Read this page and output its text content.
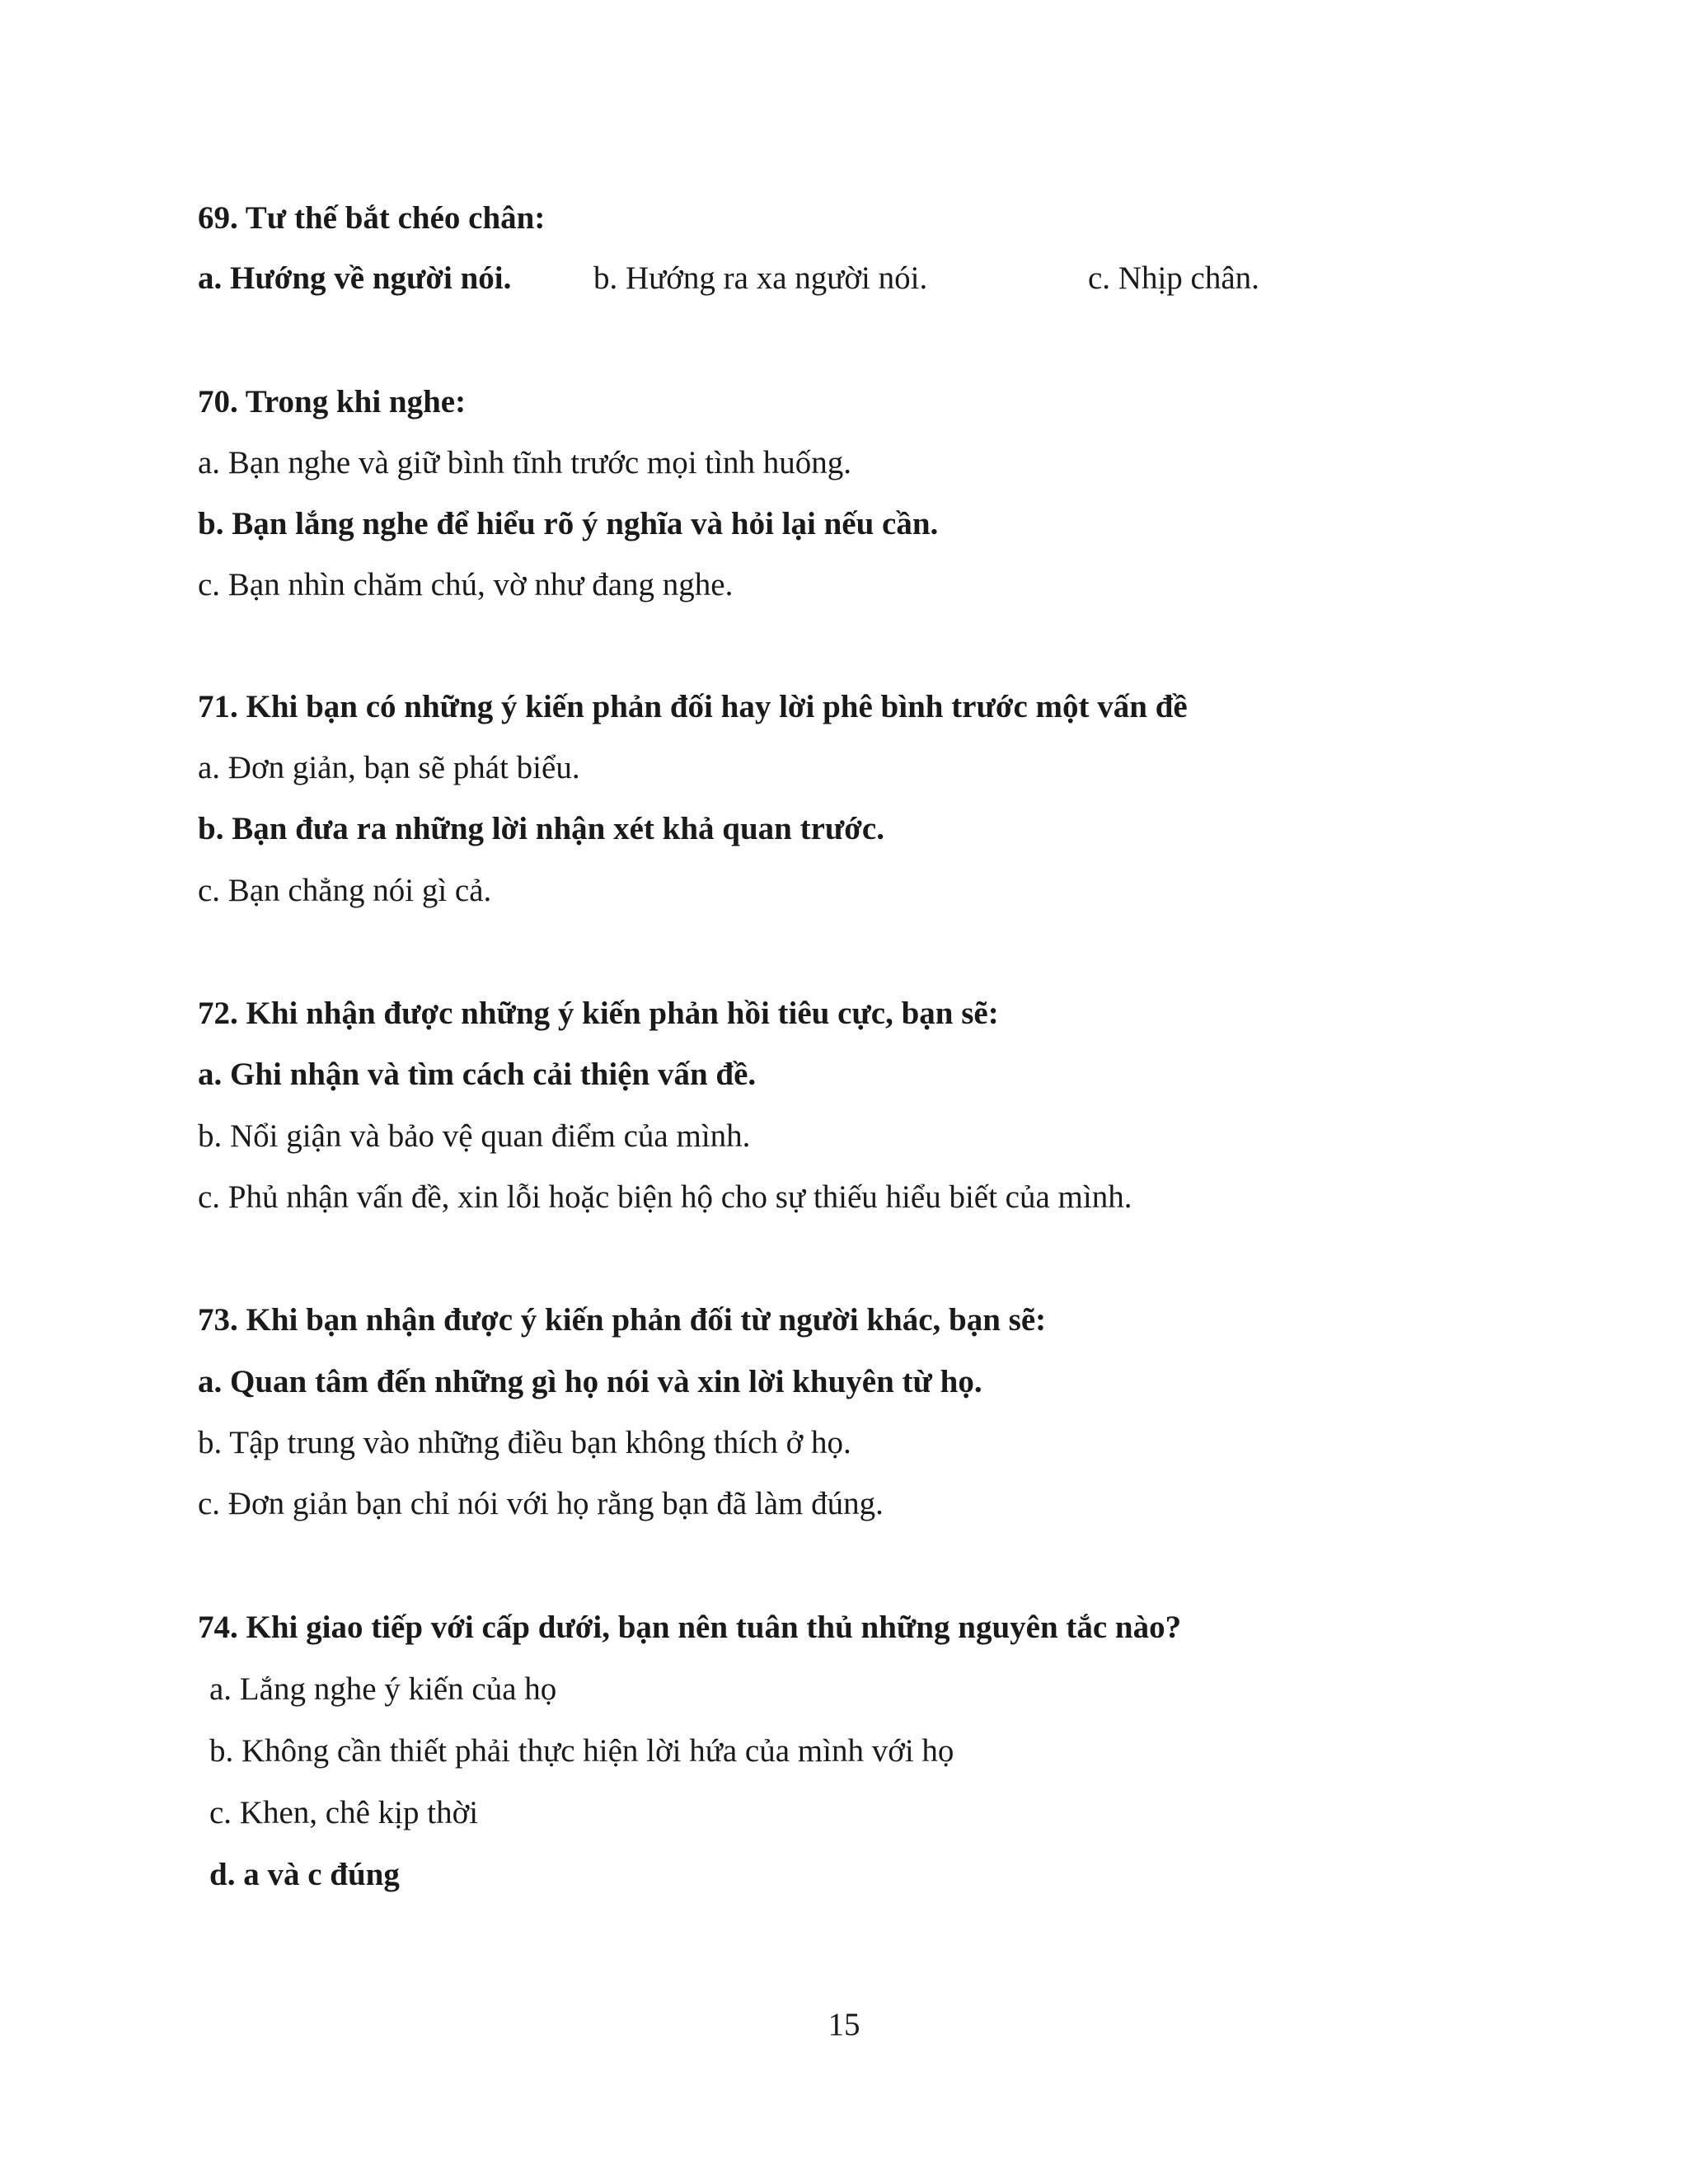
69. Tư thế bắt chéo chân:
a. Hướng về người nói.	b. Hướng ra xa người nói.	c. Nhịp chân.
70. Trong khi nghe:
a. Bạn nghe và giữ bình tĩnh trước mọi tình huống.
b. Bạn lắng nghe để hiểu rõ ý nghĩa và hỏi lại nếu cần.
c. Bạn nhìn chăm chú, vờ như đang nghe.
71. Khi bạn có những ý kiến phản đối hay lời phê bình trước một vấn đề
a. Đơn giản, bạn sẽ phát biểu.
b. Bạn đưa ra những lời nhận xét khả quan trước.
c. Bạn chẳng nói gì cả.
72. Khi nhận được những ý kiến phản hồi tiêu cực, bạn sẽ:
a. Ghi nhận và tìm cách cải thiện vấn đề.
b. Nổi giận và bảo vệ quan điểm của mình.
c. Phủ nhận vấn đề, xin lỗi hoặc biện hộ cho sự thiếu hiểu biết của mình.
73. Khi bạn nhận được ý kiến phản đối từ người khác, bạn sẽ:
a. Quan tâm đến những gì họ nói và xin lời khuyên từ họ.
b. Tập trung vào những điều bạn không thích ở họ.
c. Đơn giản bạn chỉ nói với họ rằng bạn đã làm đúng.
74. Khi giao tiếp với cấp dưới, bạn nên tuân thủ những nguyên tắc nào?
a. Lắng nghe ý kiến của họ
b. Không cần thiết phải thực hiện lời hứa của mình với họ
c. Khen, chê kịp thời
d. a và c đúng
15
